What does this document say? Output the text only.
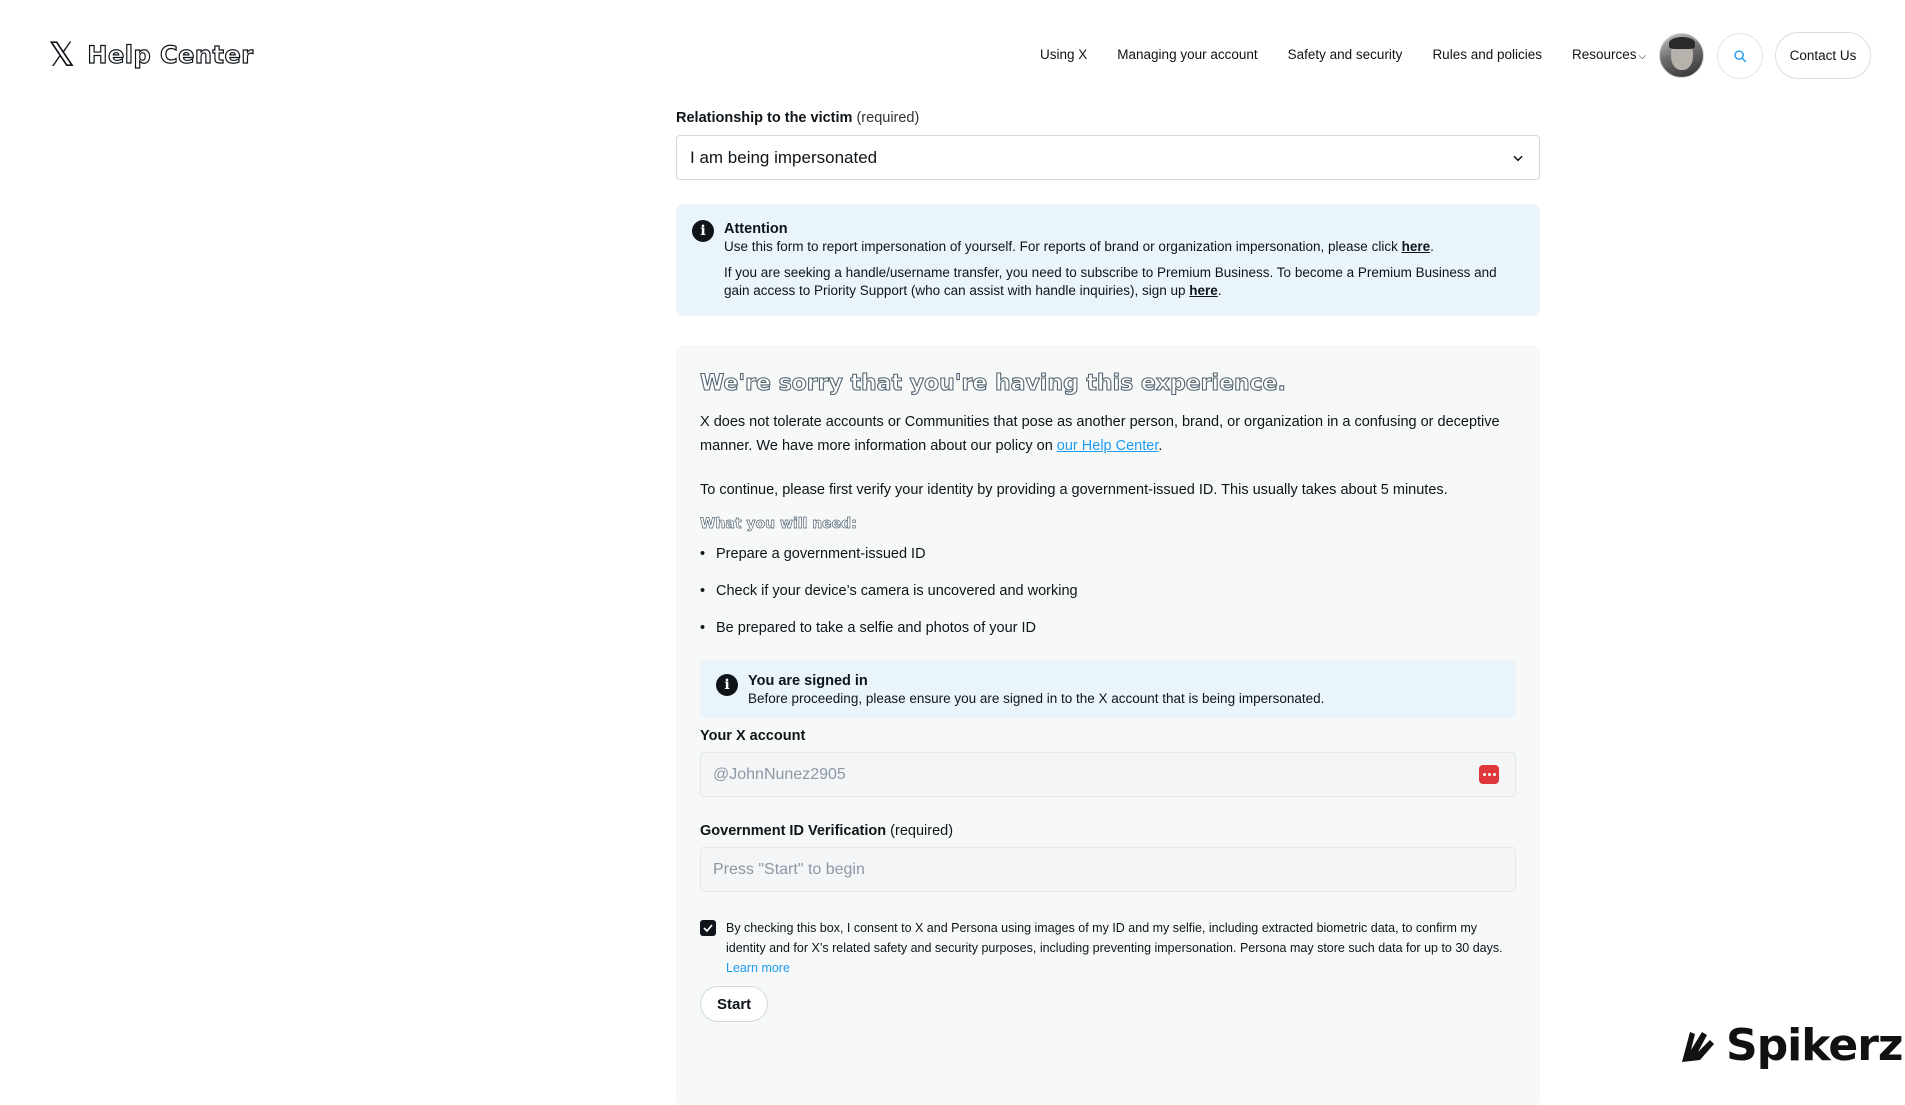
𝕏 Help Center	Using X Managing your account Safety and security Rules and policies Resources ⌵	Contact Us
Relationship to the victim (required)
I am being impersonated
i	Attention

Use this form to report impersonation of yourself. For reports of brand or organization impersonation, please click here.

If you are seeking a handle/username transfer, you need to subscribe to Premium Business. To become a Premium Business and gain access to Priority Support (who can assist with handle inquiries), sign up here.

We're sorry that you're having this experience.

X does not tolerate accounts or Communities that pose as another person, brand, or organization in a confusing or deceptive manner. We have more information about our policy on our Help Center.

To continue, please first verify your identity by providing a government-issued ID. This usually takes about 5 minutes.

What you will need:
• Prepare a government-issued ID
• Check if your device’s camera is uncovered and working
• Be prepared to take a selfie and photos of your ID
i	You are signed in
Before proceeding, please ensure you are signed in to the X account that is being impersonated.
Your X account
@JohnNunez2905
Government ID Verification (required)
Press "Start" to begin
By checking this box, I consent to X and Persona using images of my ID and my selfie, including extracted biometric data, to confirm my identity and for X’s related safety and security purposes, including preventing impersonation. Persona may store such data for up to 30 days. Learn more
Start
Spikerz
